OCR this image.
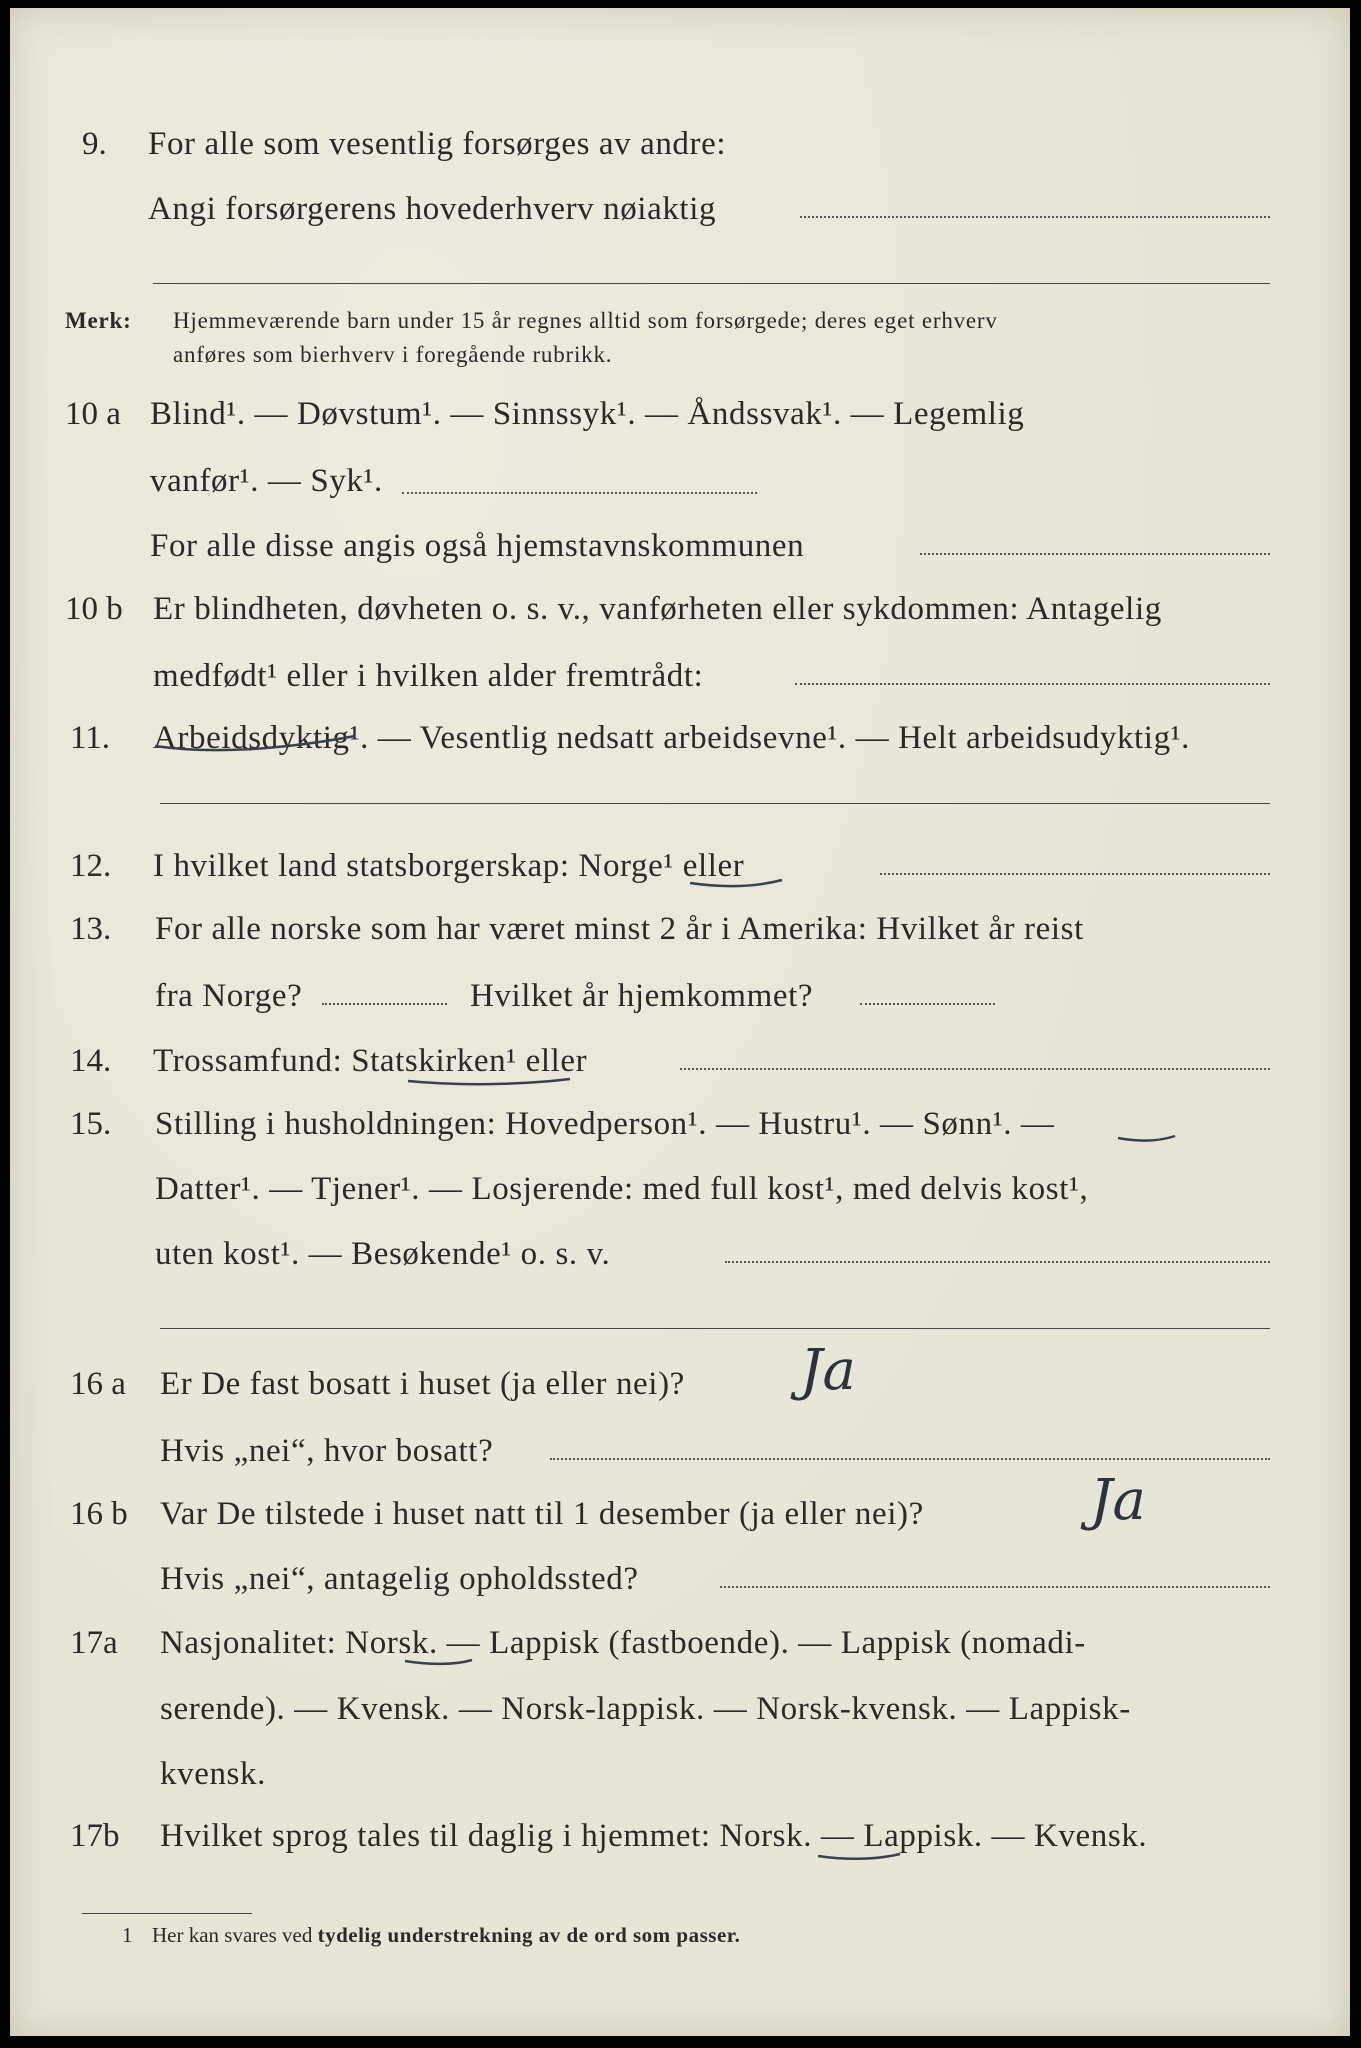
9. For alle som vesentlig forsørges av andre:
Angi forsørgerens hovederhverv nøiaktig
Merk: Hjemmeværende barn under 15 år regnes alltid som forsørgede; deres eget erhverv
anføres som bierhverv i foregående rubrikk.
10 a Blind¹. — Døvstum¹. — Sinnssyk¹. — Åndssvak¹. — Legemlig
vanfør¹. — Syk¹.
For alle disse angis også hjemstavnskommunen
10 b Er blindheten, døvheten o. s. v., vanførheten eller sykdommen: Antagelig
medfødt¹ eller i hvilken alder fremtrådt:
11. Arbeidsdyktig¹. — Vesentlig nedsatt arbeidsevne¹. — Helt arbeidsudyktig¹.
12. I hvilket land statsborgerskap: Norge¹ eller
13. For alle norske som har været minst 2 år i Amerika: Hvilket år reist
fra Norge?	Hvilket år hjemkommet?
14. Trossamfund: Statskirken¹ eller
15. Stilling i husholdningen: Hovedperson¹. — Hustru¹. — Sønn¹. —
Datter¹. — Tjener¹. — Losjerende: med full kost¹, med delvis kost¹,
uten kost¹. — Besøkende¹ o. s. v.
16 a Er De fast bosatt i huset (ja eller nei)? Ja
Hvis „nei“, hvor bosatt?
16 b Var De tilstede i huset natt til 1 desember (ja eller nei)?	Ja
Hvis „nei“, antagelig opholdssted?
17a Nasjonalitet: Norsk. — Lappisk (fastboende). — Lappisk (nomadi-
serende). — Kvensk. — Norsk-lappisk. — Norsk-kvensk. — Lappisk-
kvensk.
17b Hvilket sprog tales til daglig i hjemmet: Norsk. — Lappisk. — Kvensk.
1 Her kan svares ved tydelig understrekning av de ord som passer.
